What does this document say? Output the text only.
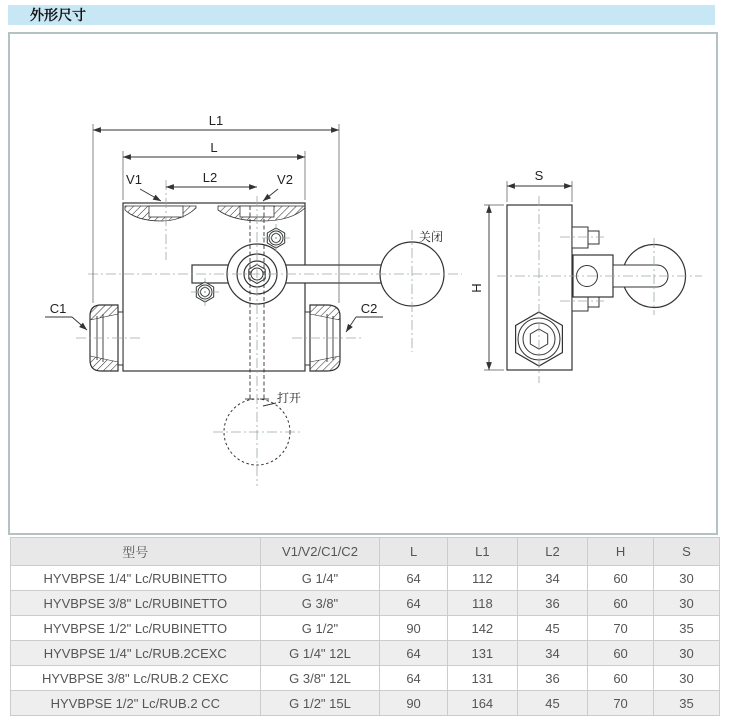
外形尺寸
L1
L
L2
V1	V2
C1	C2
S
H
关闭
打开
型号	V1/V2/C1/C2	L	L1	L2	H	S
HYVBPSE 1/4" Lc/RUBINETTO	G 1/4"	64	112	34	60	30
HYVBPSE 3/8" Lc/RUBINETTO	G 3/8"	64	118	36	60	30
HYVBPSE 1/2" Lc/RUBINETTO	G 1/2"	90	142	45	70	35
HYVBPSE 1/4" Lc/RUB.2CEXC	G 1/4" 12L	64	131	34	60	30
HYVBPSE 3/8" Lc/RUB.2 CEXC	G 3/8" 12L	64	131	36	60	30
HYVBPSE 1/2" Lc/RUB.2 CC	G 1/2" 15L	90	164	45	70	35
